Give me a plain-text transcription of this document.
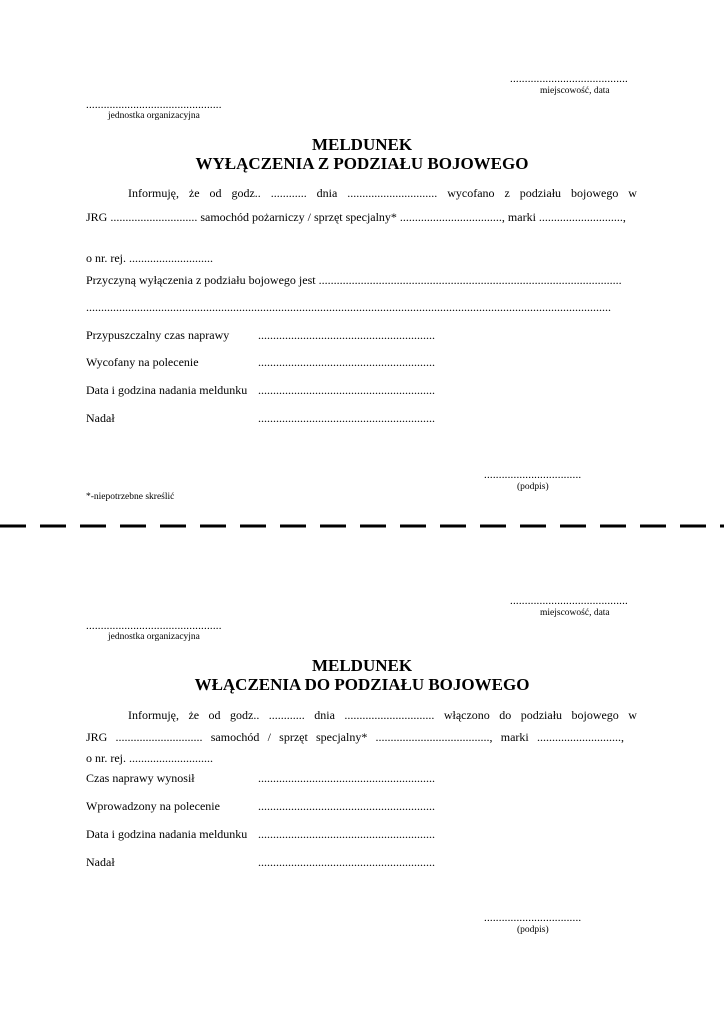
........................................
miejscowość, data
..............................................
jednostka organizacyjna
MELDUNEK
WYŁĄCZENIA Z PODZIAŁU BOJOWEGO
Informuję, że od godz.. ............ dnia .............................. wycofano z podziału bojowego w
JRG ............................. samochód pożarniczy / sprzęt specjalny* .................................., marki ............................,
o nr. rej. ............................
Przyczyną wyłączenia z podziału bojowego jest .....................................................................................................
...............................................................................................................................................................................
Przypuszczalny czas naprawy ...........................................................
Wycofany na polecenie	...........................................................
Data i godzina nadania meldunku ...........................................................
Nadał	...........................................................
.................................
(podpis)
*-niepotrzebne skreślić
........................................
miejscowość, data
..............................................
jednostka organizacyjna
MELDUNEK
WŁĄCZENIA DO PODZIAŁU BOJOWEGO
Informuję, że od godz.. ............ dnia .............................. włączono do podziału bojowego w
JRG ............................. samochód / sprzęt specjalny* ......................................, marki ............................,
o nr. rej. ............................
Czas naprawy wynosił	...........................................................
Wprowadzony na polecenie	...........................................................
Data i godzina nadania meldunku ...........................................................
Nadał	...........................................................
.................................
(podpis)
